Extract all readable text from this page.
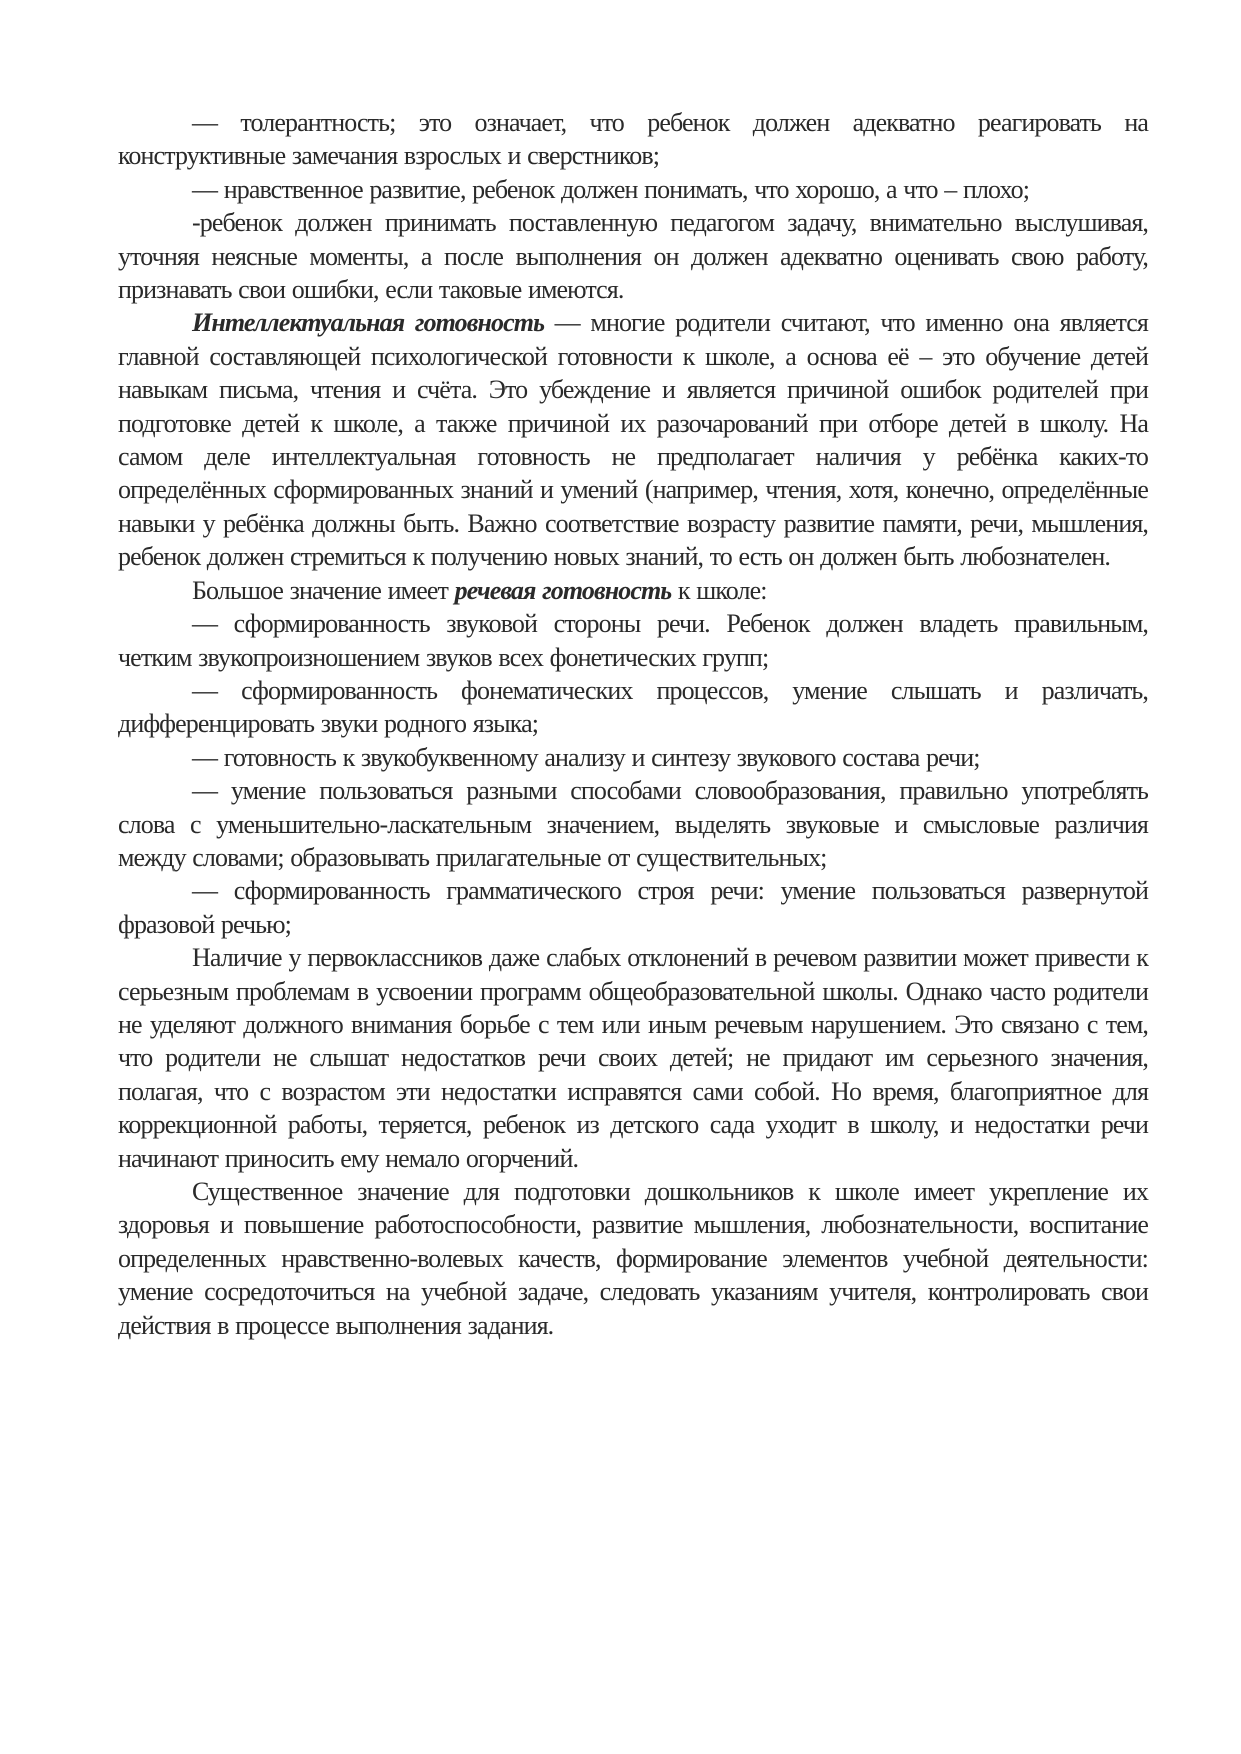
— толерантность; это означает, что ребенок должен адекватно реагировать на конструктивные замечания взрослых и сверстников;

— нравственное развитие, ребенок должен понимать, что хорошо, а что – плохо;

-ребенок должен принимать поставленную педагогом задачу, внимательно выслушивая, уточняя неясные моменты, а после выполнения он должен адекватно оценивать свою работу, признавать свои ошибки, если таковые имеются.

Интеллектуальная готовность — многие родители считают, что именно она является главной составляющей психологической готовности к школе, а основа её – это обучение детей навыкам письма, чтения и счёта. Это убеждение и является причиной ошибок родителей при подготовке детей к школе, а также причиной их разочарований при отборе детей в школу. На самом деле интеллектуальная готовность не предполагает наличия у ребёнка каких-то определённых сформированных знаний и умений (например, чтения, хотя, конечно, определённые навыки у ребёнка должны быть. Важно соответствие возрасту развитие памяти, речи, мышления, ребенок должен стремиться к получению новых знаний, то есть он должен быть любознателен.

Большое значение имеет речевая готовность к школе:

— сформированность звуковой стороны речи. Ребенок должен владеть правильным, четким звукопроизношением звуков всех фонетических групп;

— сформированность фонематических процессов, умение слышать и различать, дифференцировать звуки родного языка;

— готовность к звукобуквенному анализу и синтезу звукового состава речи;

— умение пользоваться разными способами словообразования, правильно употреблять слова с уменьшительно-ласкательным значением, выделять звуковые и смысловые различия между словами; образовывать прилагательные от существительных;

— сформированность грамматического строя речи: умение пользоваться развернутой фразовой речью;

Наличие у первоклассников даже слабых отклонений в речевом развитии может привести к серьезным проблемам в усвоении программ общеобразовательной школы. Однако часто родители не уделяют должного внимания борьбе с тем или иным речевым нарушением. Это связано с тем, что родители не слышат недостатков речи своих детей; не придают им серьезного значения, полагая, что с возрастом эти недостатки исправятся сами собой. Но время, благоприятное для коррекционной работы, теряется, ребенок из детского сада уходит в школу, и недостатки речи начинают приносить ему немало огорчений.

Существенное значение для подготовки дошкольников к школе имеет укрепление их здоровья и повышение работоспособности, развитие мышления, любознательности, воспитание определенных нравственно-волевых качеств, формирование элементов учебной деятельности: умение сосредоточиться на учебной задаче, следовать указаниям учителя, контролировать свои действия в процессе выполнения задания.
